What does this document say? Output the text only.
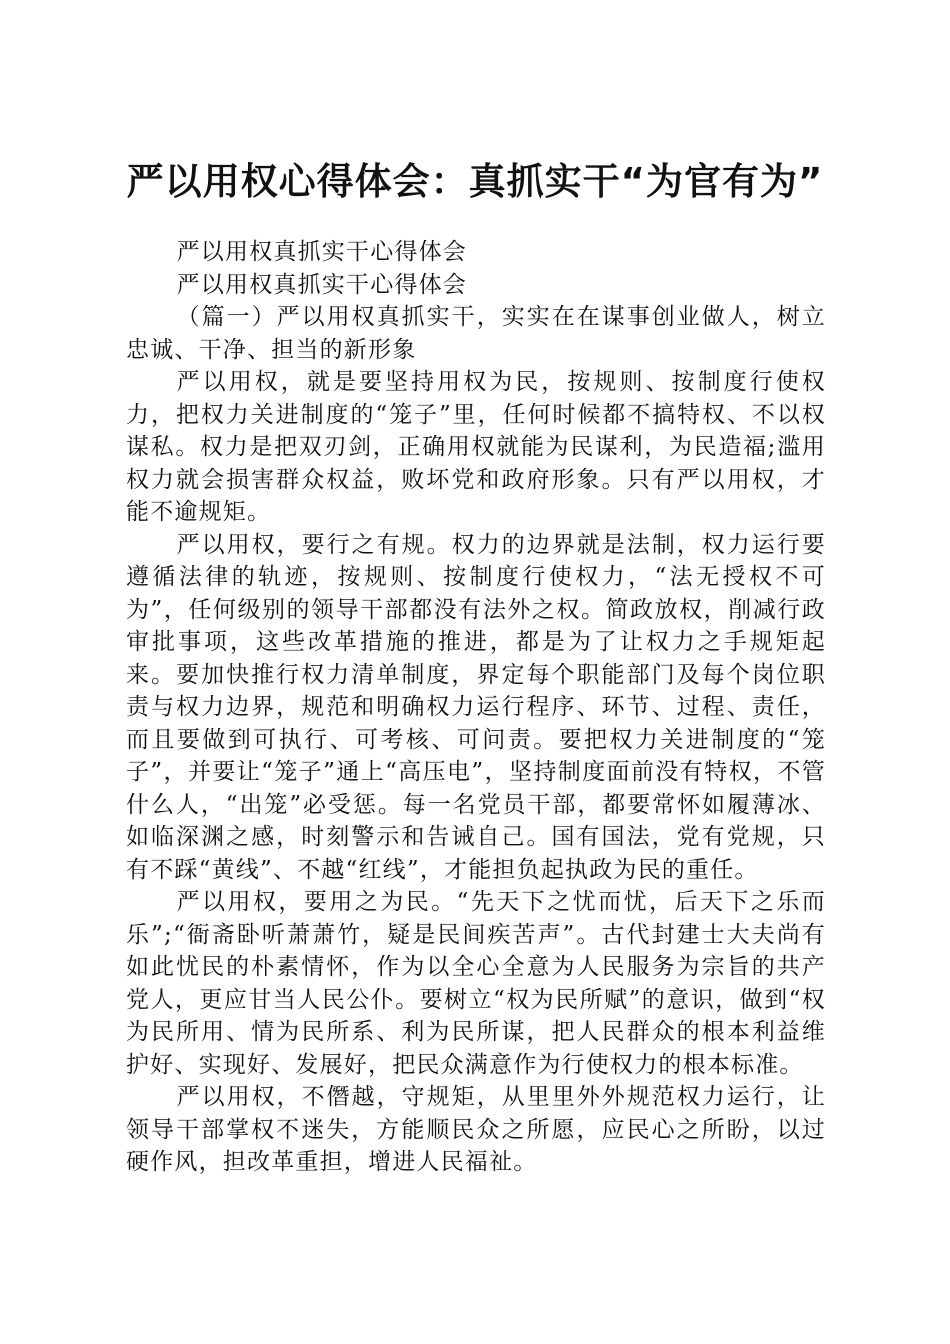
严以用权心得体会：真抓实干“为官有为”

严以用权真抓实干心得体会

严以用权真抓实干心得体会

（篇一）严以用权真抓实干，实实在在谋事创业做人，树立忠诚、干净、担当的新形象

严以用权，就是要坚持用权为民，按规则、按制度行使权力，把权力关进制度的“笼子”里，任何时候都不搞特权、不以权谋私。权力是把双刃剑，正确用权就能为民谋利，为民造福;滥用权力就会损害群众权益，败坏党和政府形象。只有严以用权，才能不逾规矩。

严以用权，要行之有规。权力的边界就是法制，权力运行要遵循法律的轨迹，按规则、按制度行使权力，“法无授权不可为”，任何级别的领导干部都没有法外之权。简政放权，削减行政审批事项，这些改革措施的推进，都是为了让权力之手规矩起来。要加快推行权力清单制度，界定每个职能部门及每个岗位职责与权力边界，规范和明确权力运行程序、环节、过程、责任，而且要做到可执行、可考核、可问责。要把权力关进制度的“笼子”，并要让“笼子”通上“高压电”，坚持制度面前没有特权，不管什么人，“出笼”必受惩。每一名党员干部，都要常怀如履薄冰、如临深渊之感，时刻警示和告诫自己。国有国法，党有党规，只有不踩“黄线”、不越“红线”，才能担负起执政为民的重任。

严以用权，要用之为民。“先天下之忧而忧，后天下之乐而乐”;“衙斋卧听萧萧竹，疑是民间疾苦声”。古代封建士大夫尚有如此忧民的朴素情怀，作为以全心全意为人民服务为宗旨的共产党人，更应甘当人民公仆。要树立“权为民所赋”的意识，做到“权为民所用、情为民所系、利为民所谋，把人民群众的根本利益维护好、实现好、发展好，把民众满意作为行使权力的根本标准。

严以用权，不僭越，守规矩，从里里外外规范权力运行，让领导干部掌权不迷失，方能顺民众之所愿，应民心之所盼，以过硬作风，担改革重担，增进人民福祉。
